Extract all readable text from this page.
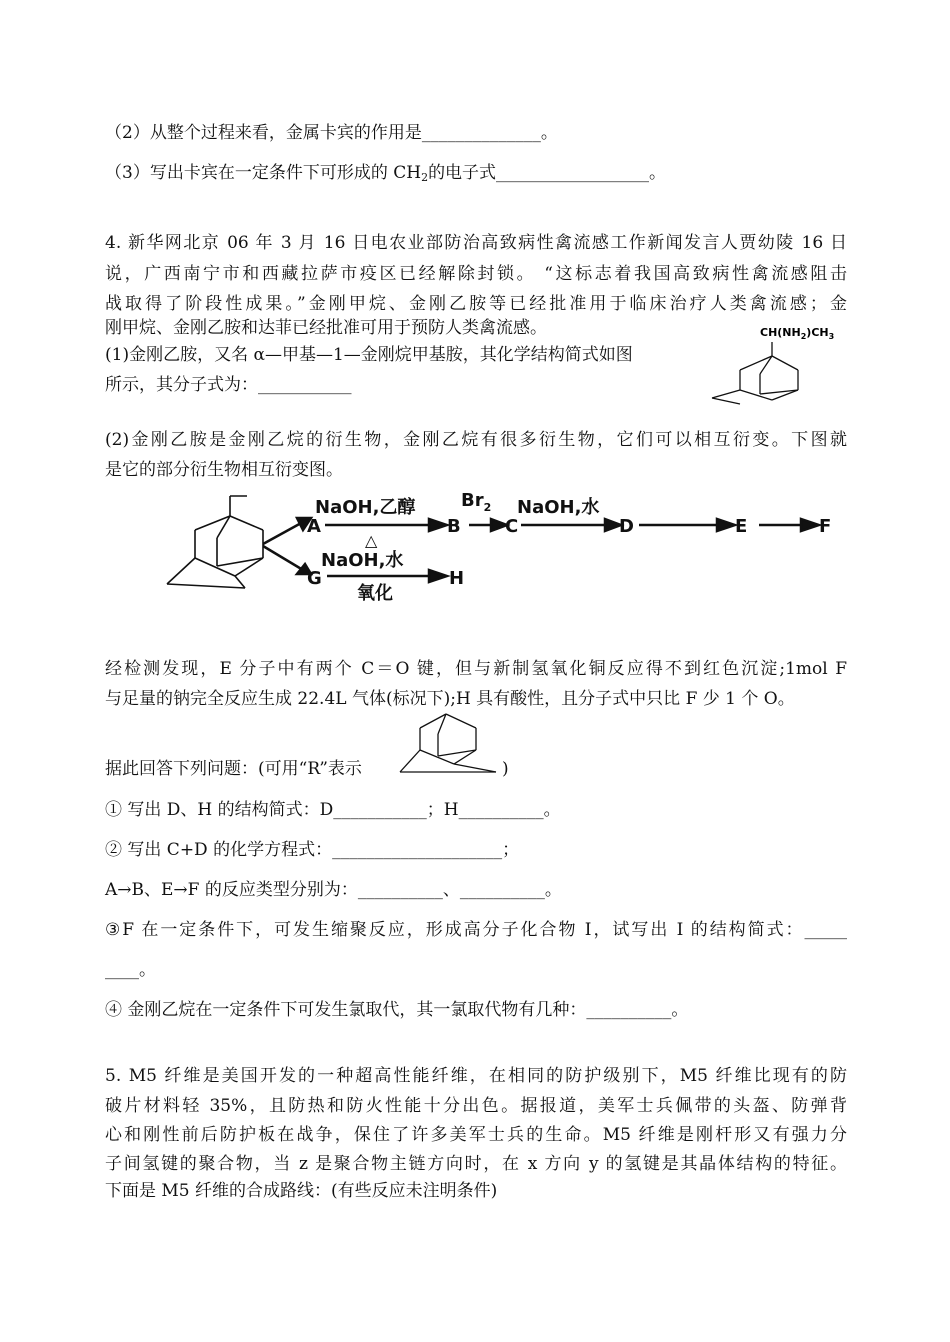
（2）从整个过程来看，金属卡宾的作用是______________。
（3）写出卡宾在一定条件下可形成的 $CH_2$的电子式__________________。
4. 新华网北京 06 年 3 月 16 日电农业部防治高致病性禽流感工作新闻发言人贾幼陵 16 日
说，广西南宁市和西藏拉萨市疫区已经解除封锁。 “这标志着我国高致病性禽流感阻击
战取得了阶段性成果。”金刚甲烷、金刚乙胺等已经批准用于临床治疗人类禽流感；金
刚甲烷、金刚乙胺和达菲已经批准可用于预防人类禽流感。
(1)金刚乙胺，又名 α—甲基—1—金刚烷甲基胺，其化学结构简式如图
所示，其分子式为：___________
$CH(NH_2)CH_3$
(2)金刚乙胺是金刚乙烷的衍生物，金刚乙烷有很多衍生物，它们可以相互衍变。下图就
是它的部分衍生物相互衍变图。
A	B C	D	E	F
G	H
NaOH,乙醇
△
$Br_2$ NaOH,水
NaOH,水
氧化
经检测发现，E 分子中有两个 C＝O 键，但与新制氢氧化铜反应得不到红色沉淀;1mol F
与足量的钠完全反应生成 22.4L 气体(标况下);H 具有酸性，且分子式中只比 F 少 1 个 O。
据此回答下列问题：(可用“R”表示	)
① 写出 D、H 的结构简式：D___________；H__________。
② 写出 C+D 的化学方程式：____________________；
A→B、E→F 的反应类型分别为：__________、__________。
③F 在一定条件下，可发生缩聚反应，形成高分子化合物 I，试写出 I 的结构简式：_____
____。
④ 金刚乙烷在一定条件下可发生氯取代，其一氯取代物有几种：__________。
5. M5 纤维是美国开发的一种超高性能纤维，在相同的防护级别下，M5 纤维比现有的防
破片材料轻 35%，且防热和防火性能十分出色。据报道，美军士兵佩带的头盔、防弹背
心和刚性前后防护板在战争，保住了许多美军士兵的生命。M5 纤维是刚杆形又有强力分
子间氢键的聚合物，当 z 是聚合物主链方向时，在 x 方向 y 的氢键是其晶体结构的特征。
下面是 M5 纤维的合成路线：(有些反应未注明条件)
